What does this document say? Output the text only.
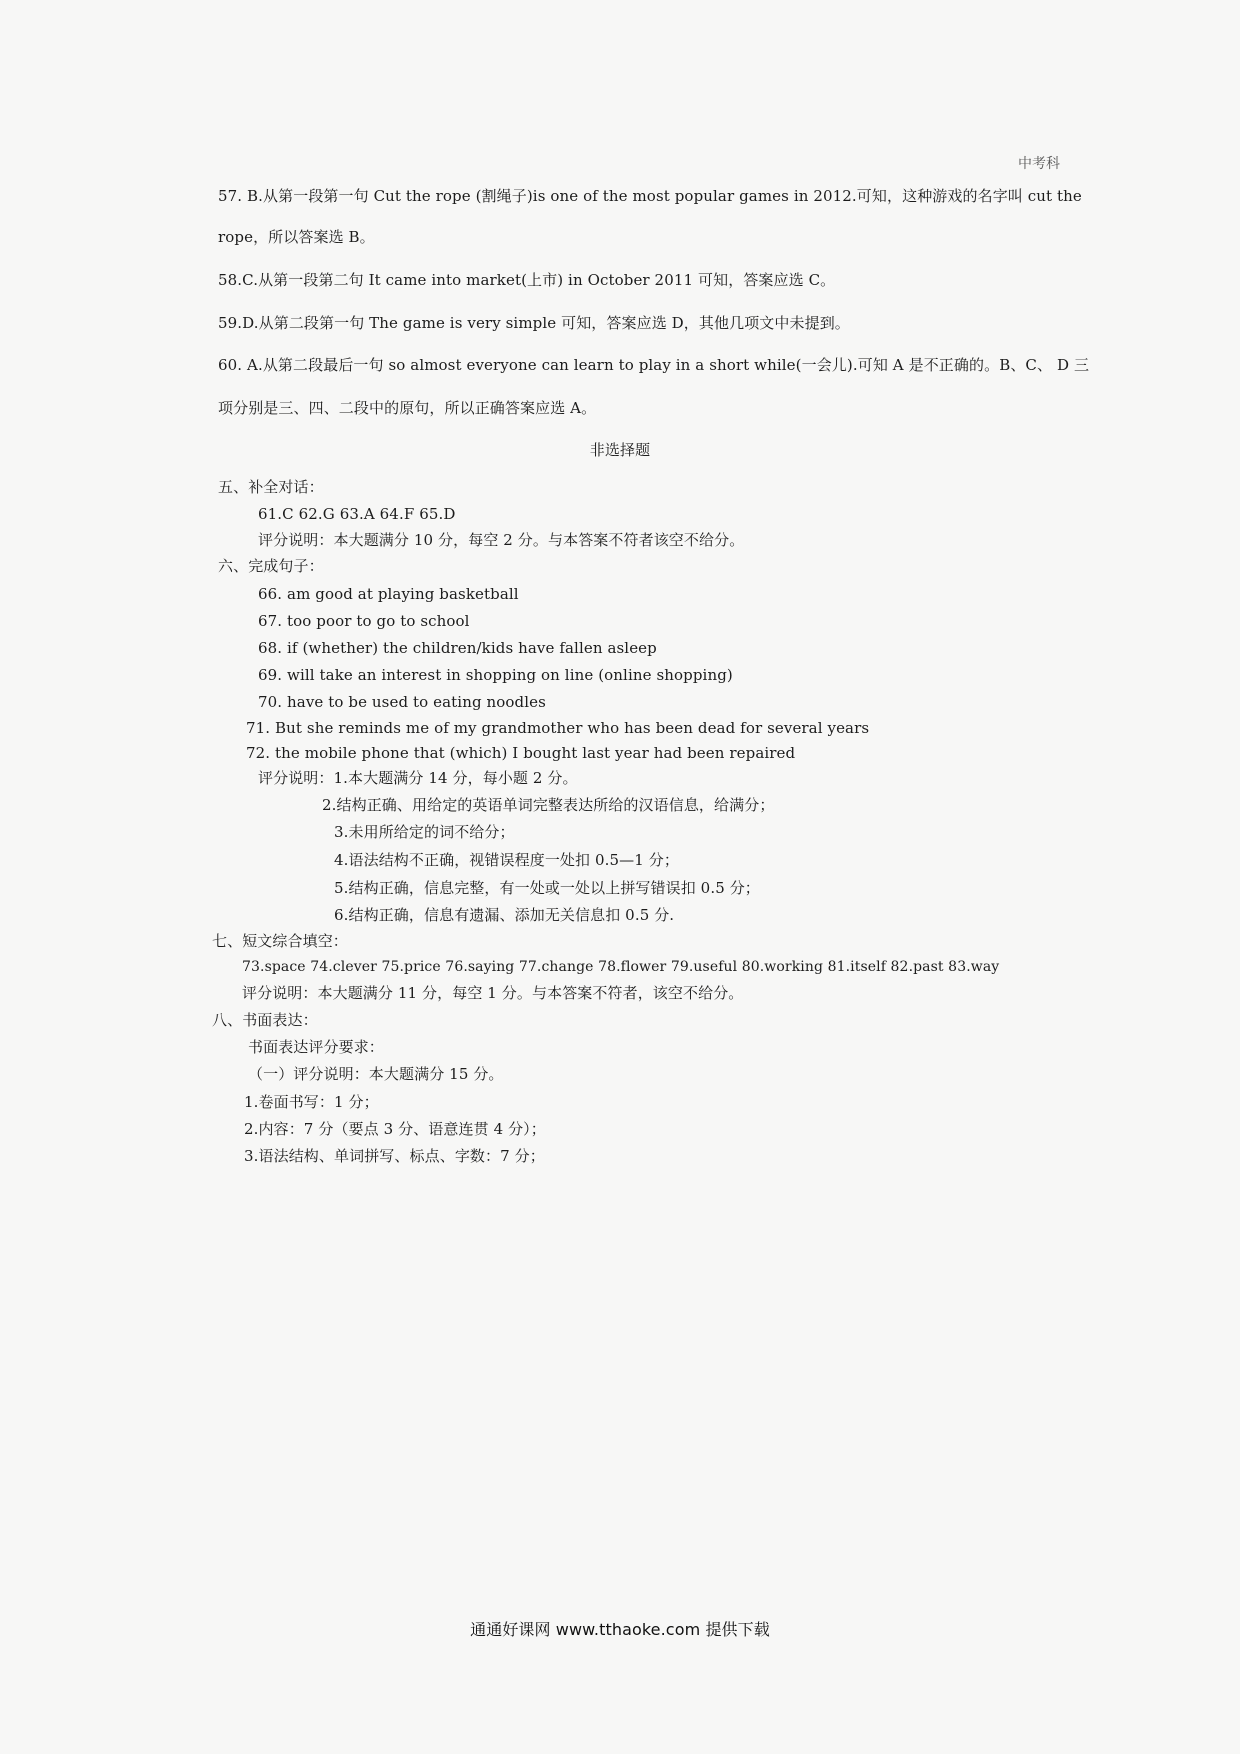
中考科
57. B.从第一段第一句 Cut the rope (割绳子)is one of the most popular games in 2012.可知，这种游戏的名字叫 cut the
rope，所以答案选 B。
58.C.从第一段第二句 It came into market(上市) in October 2011 可知，答案应选 C。
59.D.从第二段第一句 The game is very simple 可知，答案应选 D，其他几项文中未提到。
60. A.从第二段最后一句 so almost everyone can learn to play in a short while(一会儿).可知 A 是不正确的。B、C、 D 三
项分别是三、四、二段中的原句，所以正确答案应选 A。
非选择题
五、补全对话：
61.C 62.G 63.A 64.F 65.D
评分说明：本大题满分 10 分，每空 2 分。与本答案不符者该空不给分。
六、完成句子：
66. am good at playing basketball
67. too poor to go to school
68. if (whether) the children/kids have fallen asleep
69. will take an interest in shopping on line (online shopping)
70. have to be used to eating noodles
71. But she reminds me of my grandmother who has been dead for several years
72. the mobile phone that (which) I bought last year had been repaired
评分说明：1.本大题满分 14 分，每小题 2 分。
2.结构正确、用给定的英语单词完整表达所给的汉语信息，给满分；
3.未用所给定的词不给分；
4.语法结构不正确，视错误程度一处扣 0.5—1 分；
5.结构正确，信息完整，有一处或一处以上拼写错误扣 0.5 分；
6.结构正确，信息有遗漏、添加无关信息扣 0.5 分.
七、短文综合填空：
73.space 74.clever 75.price 76.saying 77.change 78.flower 79.useful 80.working 81.itself 82.past 83.way
评分说明：本大题满分 11 分，每空 1 分。与本答案不符者，该空不给分。
八、书面表达：
书面表达评分要求：
（一）评分说明：本大题满分 15 分。
1.卷面书写：1 分；
2.内容：7 分（要点 3 分、语意连贯 4 分）；
3.语法结构、单词拼写、标点、字数：7 分；
通通好课网 www.tthaoke.com 提供下载
